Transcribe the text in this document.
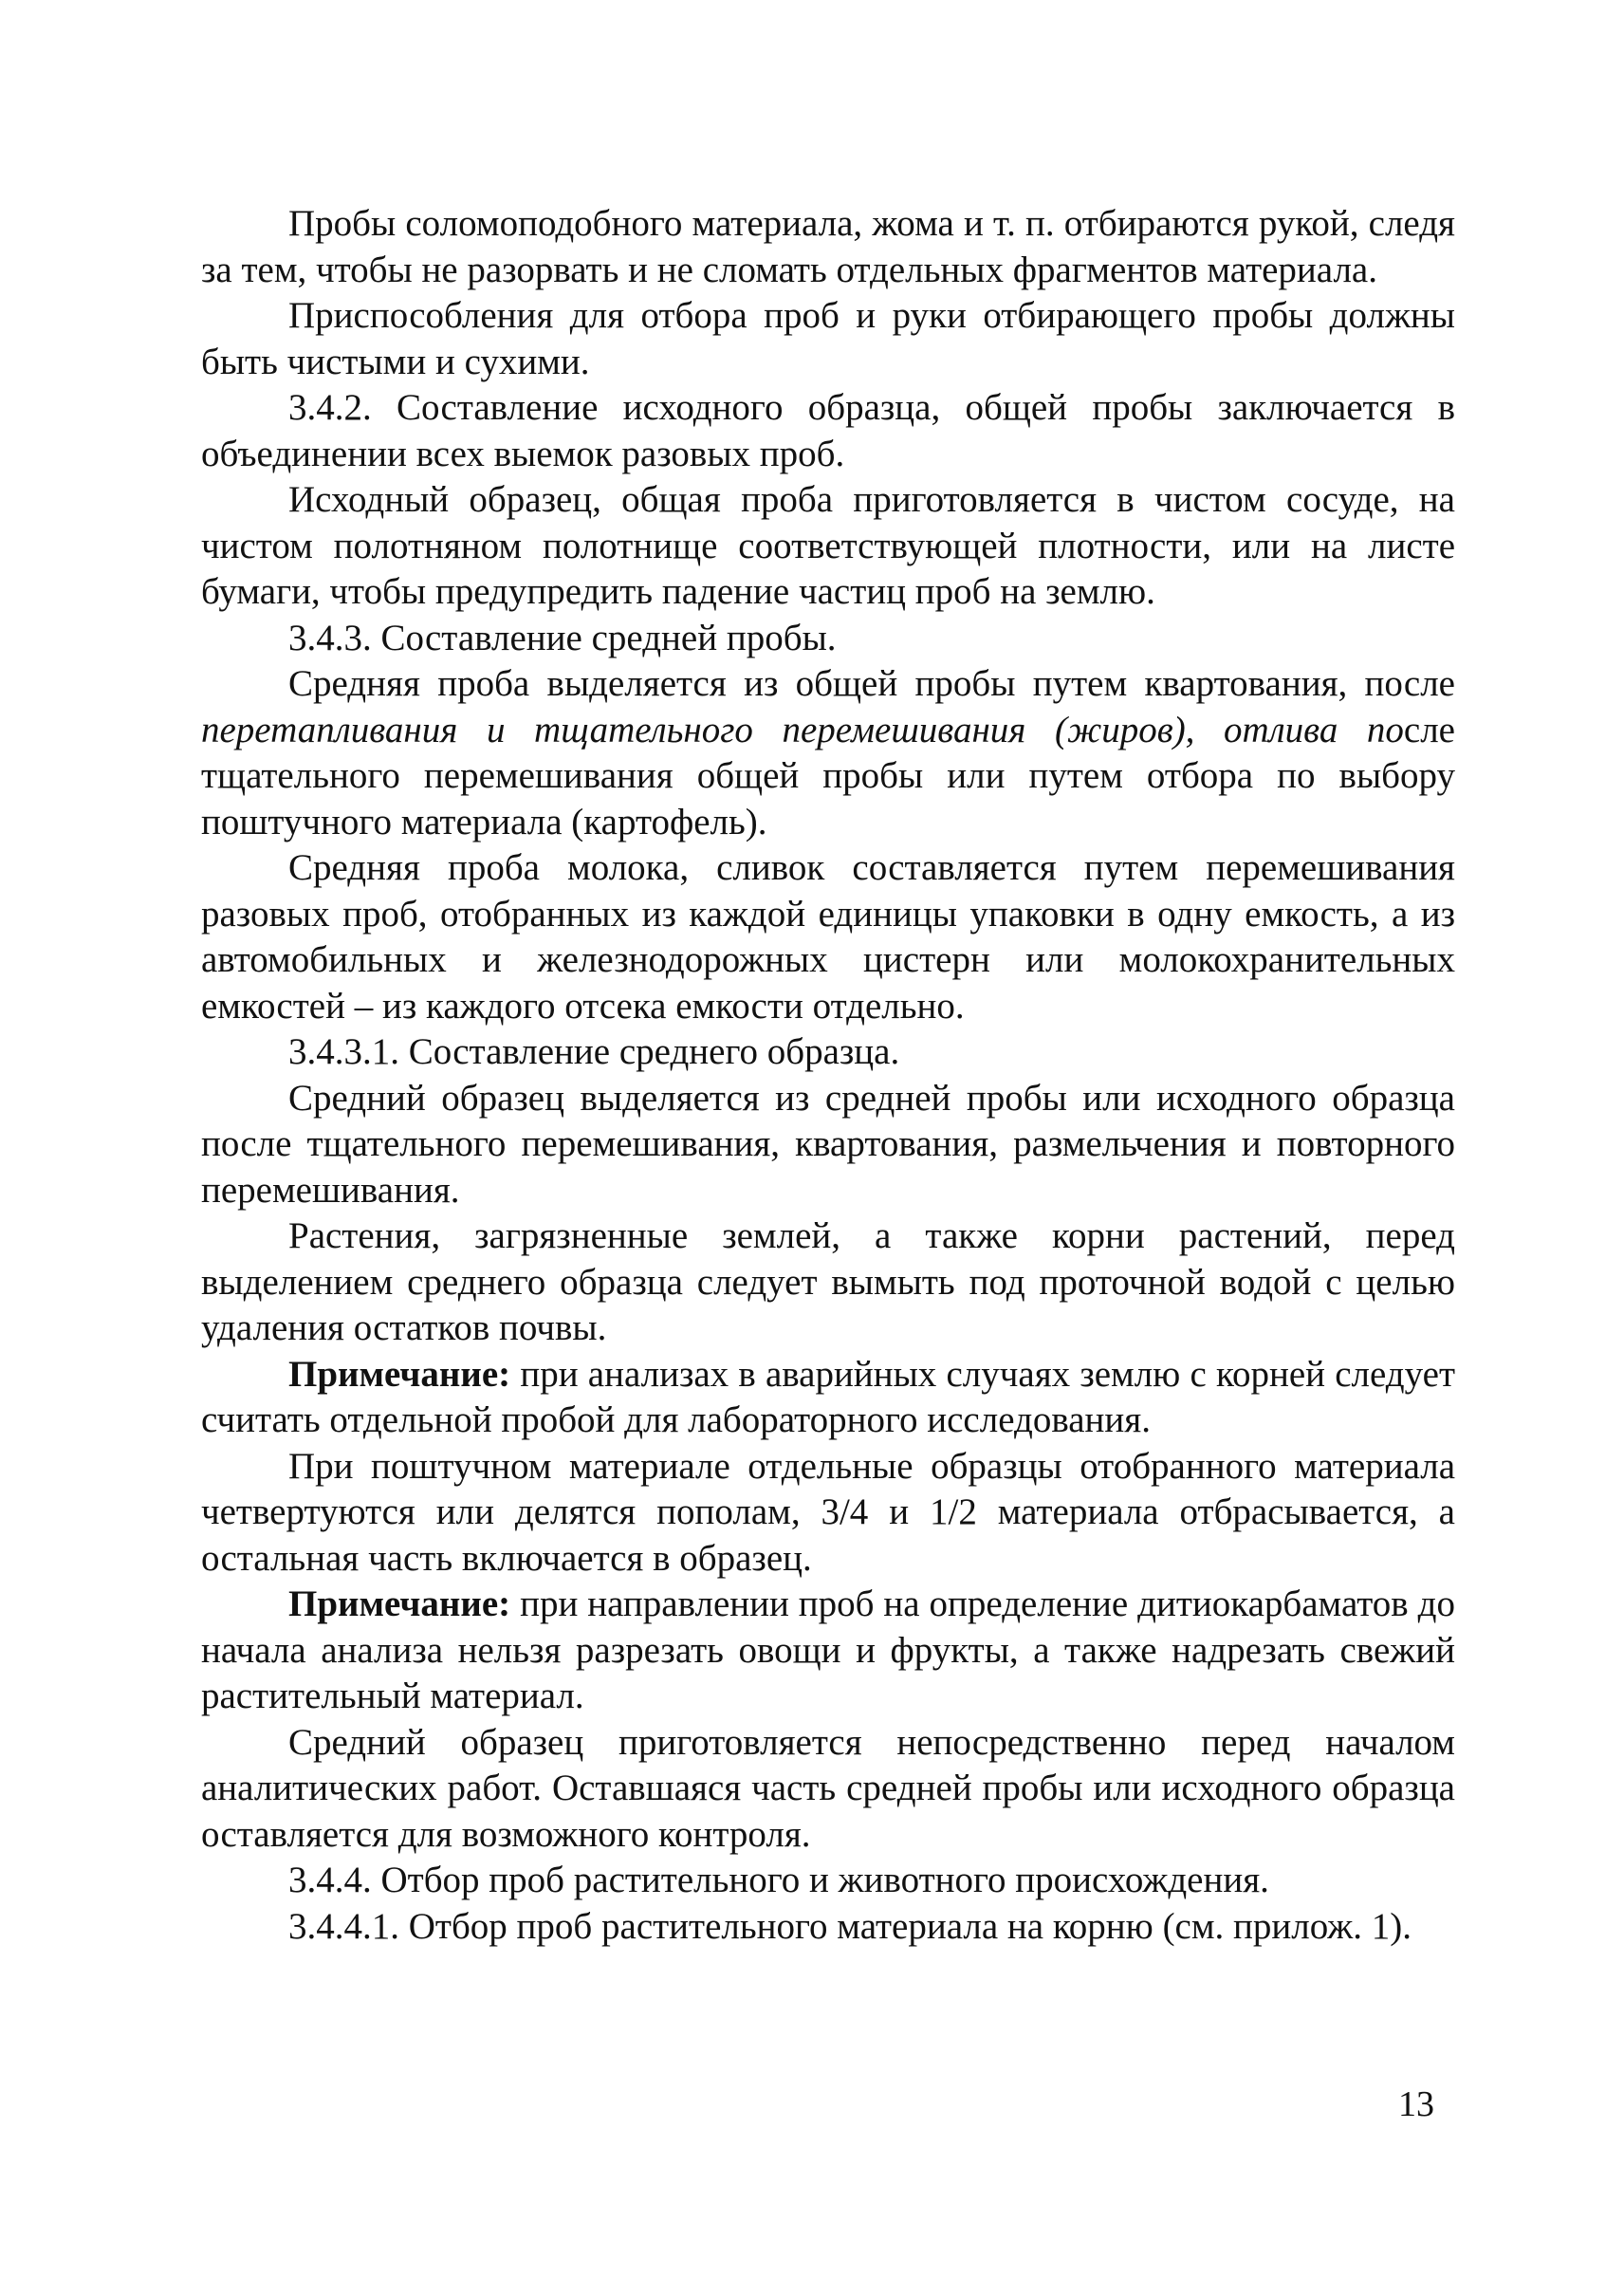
Пробы соломоподобного материала, жома и т. п. отбираются рукой, следя за тем, чтобы не разорвать и не сломать отдельных фрагментов материала.

Приспособления для отбора проб и руки отбирающего пробы должны быть чистыми и сухими.

3.4.2. Составление исходного образца, общей пробы заключается в объединении всех выемок разовых проб.

Исходный образец, общая проба приготовляется в чистом сосуде, на чистом полотняном полотнище соответствующей плотности, или на листе бумаги, чтобы предупредить падение частиц проб на землю.

3.4.3. Составление средней пробы.

Средняя проба выделяется из общей пробы путем квартования, после перетапливания и тщательного перемешивания (жиров), отлива после тщательного перемешивания общей пробы или путем отбора по выбору поштучного материала (картофель).

Средняя проба молока, сливок составляется путем перемешивания разовых проб, отобранных из каждой единицы упаковки в одну емкость, а из автомобильных и железнодорожных цистерн или молокохранительных емкостей – из каждого отсека емкости отдельно.

3.4.3.1. Составление среднего образца.

Средний образец выделяется из средней пробы или исходного образца после тщательного перемешивания, квартования, размельчения и повторного перемешивания.

Растения, загрязненные землей, а также корни растений, перед выделением среднего образца следует вымыть под проточной водой с целью удаления остатков почвы.

Примечание: при анализах в аварийных случаях землю с корней следует считать отдельной пробой для лабораторного исследования.

При поштучном материале отдельные образцы отобранного материала четвертуются или делятся пополам, 3/4 и 1/2 материала отбрасывается, а остальная часть включается в образец.

Примечание: при направлении проб на определение дитиокарбаматов до начала анализа нельзя разрезать овощи и фрукты, а также надрезать свежий растительный материал.

Средний образец приготовляется непосредственно перед началом аналитических работ. Оставшаяся часть средней пробы или исходного образца оставляется для возможного контроля.

3.4.4. Отбор проб растительного и животного происхождения.

3.4.4.1. Отбор проб растительного материала на корню (см. прилож. 1).

13
